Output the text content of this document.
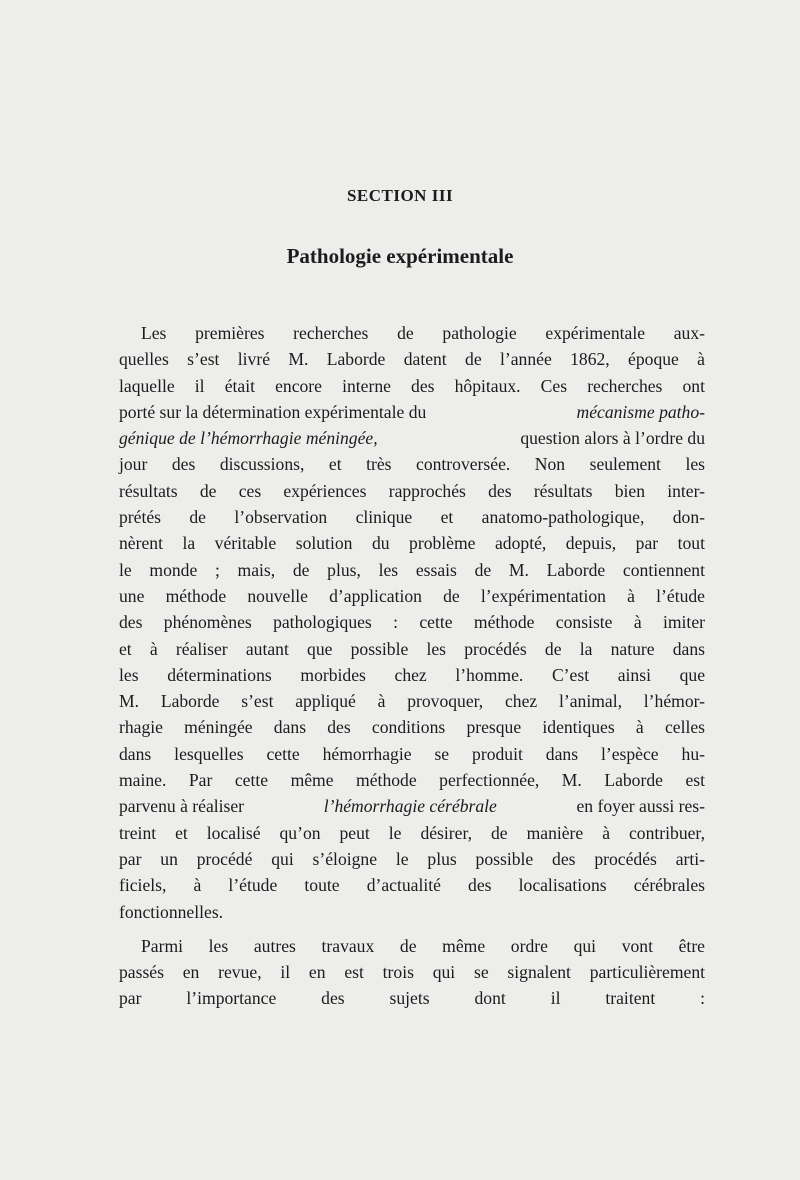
SECTION III
Pathologie expérimentale
Les premières recherches de pathologie expérimentale aux-
quelles s’est livré M. Laborde datent de l’année 1862, époque à
laquelle il était encore interne des hôpitaux. Ces recherches ont
porté sur la détermination expérimentale du	mécanisme patho-
génique de l’hémorrhagie méningée,	question alors à l’ordre du
jour des discussions, et très controversée. Non seulement les
résultats de ces expériences rapprochés des résultats bien inter-
prétés de l’observation clinique et anatomo-pathologique, don-
nèrent la véritable solution du problème adopté, depuis, par tout
le monde ; mais, de plus, les essais de M. Laborde contiennent
une méthode nouvelle d’application de l’expérimentation à l’étude
des phénomènes pathologiques : cette méthode consiste à imiter
et à réaliser autant que possible les procédés de la nature dans
les déterminations morbides chez l’homme. C’est ainsi que
M. Laborde s’est appliqué à provoquer, chez l’animal, l’hémor-
rhagie méningée dans des conditions presque identiques à celles
dans lesquelles cette hémorrhagie se produit dans l’espèce hu-
maine. Par cette même méthode perfectionnée, M. Laborde est
parvenu à réaliser	l’hémorrhagie cérébrale	en foyer aussi res-
treint et localisé qu’on peut le désirer, de manière à contribuer,
par un procédé qui s’éloigne le plus possible des procédés arti-
ficiels, à l’étude toute d’actualité des localisations cérébrales
fonctionnelles.
Parmi les autres travaux de même ordre qui vont être
passés en revue, il en est trois qui se signalent particulièrement
par l’importance des sujets dont il traitent :
